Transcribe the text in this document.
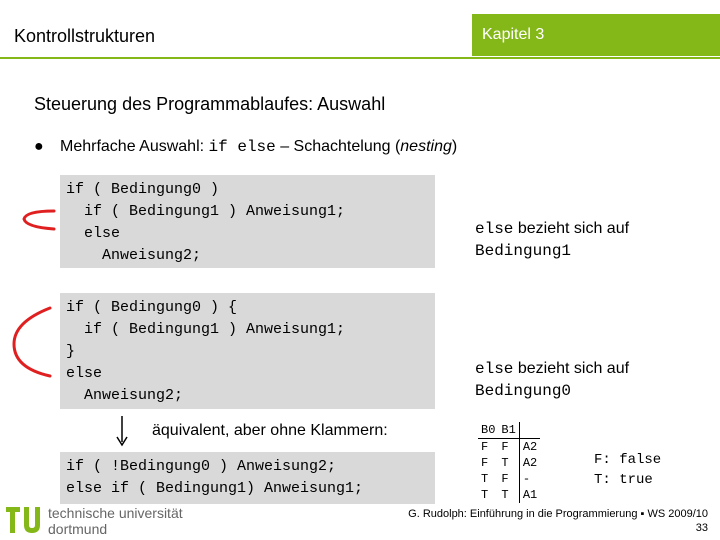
Kontrollstrukturen	Kapitel 3
Steuerung des Programmablaufes: Auswahl
● Mehrfache Auswahl: if else – Schachtelung (nesting)
if ( Bedingung0 )
if ( Bedingung1 ) Anweisung1;
else
Anweisung2;
else bezieht sich auf
Bedingung1
if ( Bedingung0 ) {
if ( Bedingung1 ) Anweisung1;
}
else
Anweisung2;
else bezieht sich auf
Bedingung0
äquivalent, aber ohne Klammern:
if ( !Bedingung0 ) Anweisung2;
else if ( Bedingung1) Anweisung1;
B0	B1	
F	F	A2
F	T	A2
T	F	-
T	T	A1
F: false
T: true
technische universität
dortmund
G. Rudolph: Einführung in die Programmierung ▪ WS 2009/10
33
